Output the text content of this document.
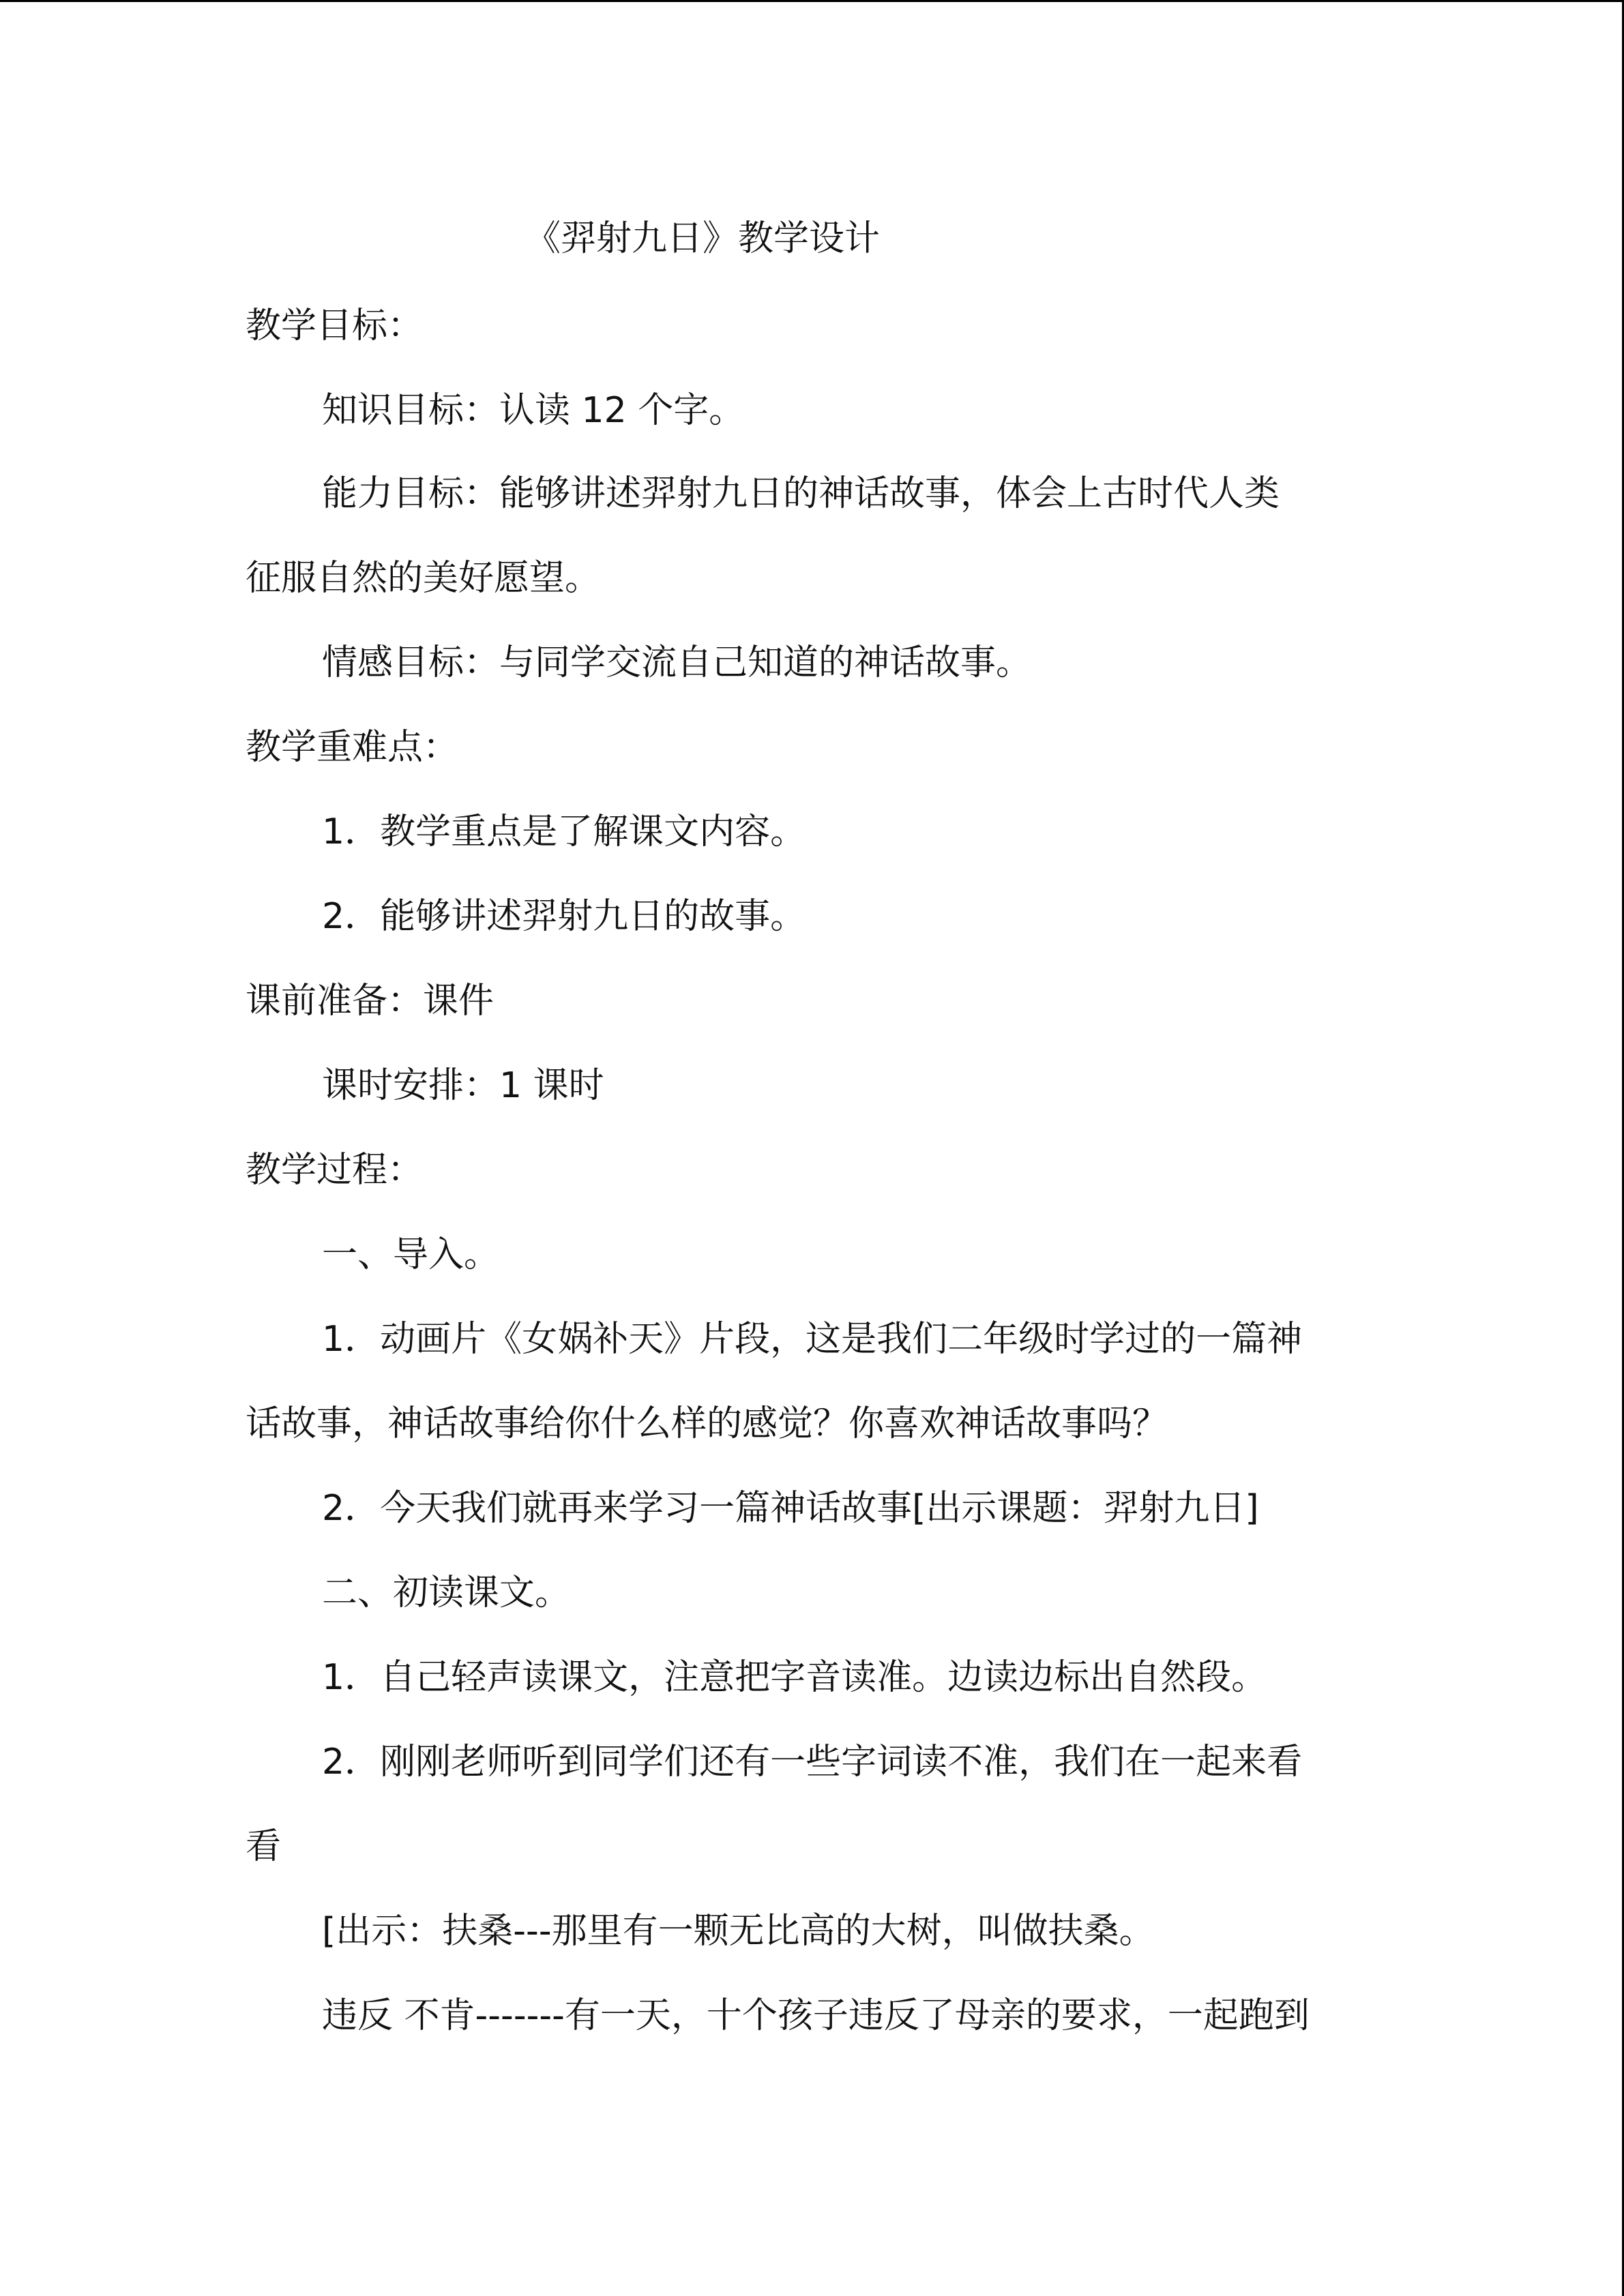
《羿射九日》教学设计
教学目标：
知识目标：认读 12 个字。
能力目标：能够讲述羿射九日的神话故事，体会上古时代人类
征服自然的美好愿望。
情感目标：与同学交流自己知道的神话故事。
教学重难点：
1．教学重点是了解课文内容。
2．能够讲述羿射九日的故事。
课前准备：课件
课时安排：1 课时
教学过程：
一、导入。
1．动画片《女娲补天》片段，这是我们二年级时学过的一篇神
话故事，神话故事给你什么样的感觉？你喜欢神话故事吗？
2．今天我们就再来学习一篇神话故事[出示课题：羿射九日]
二、初读课文。
1．自己轻声读课文，注意把字音读准。边读边标出自然段。
2．刚刚老师听到同学们还有一些字词读不准，我们在一起来看
看
[出示：扶桑---那里有一颗无比高的大树，叫做扶桑。
违反 不肯-------有一天，十个孩子违反了母亲的要求，一起跑到
